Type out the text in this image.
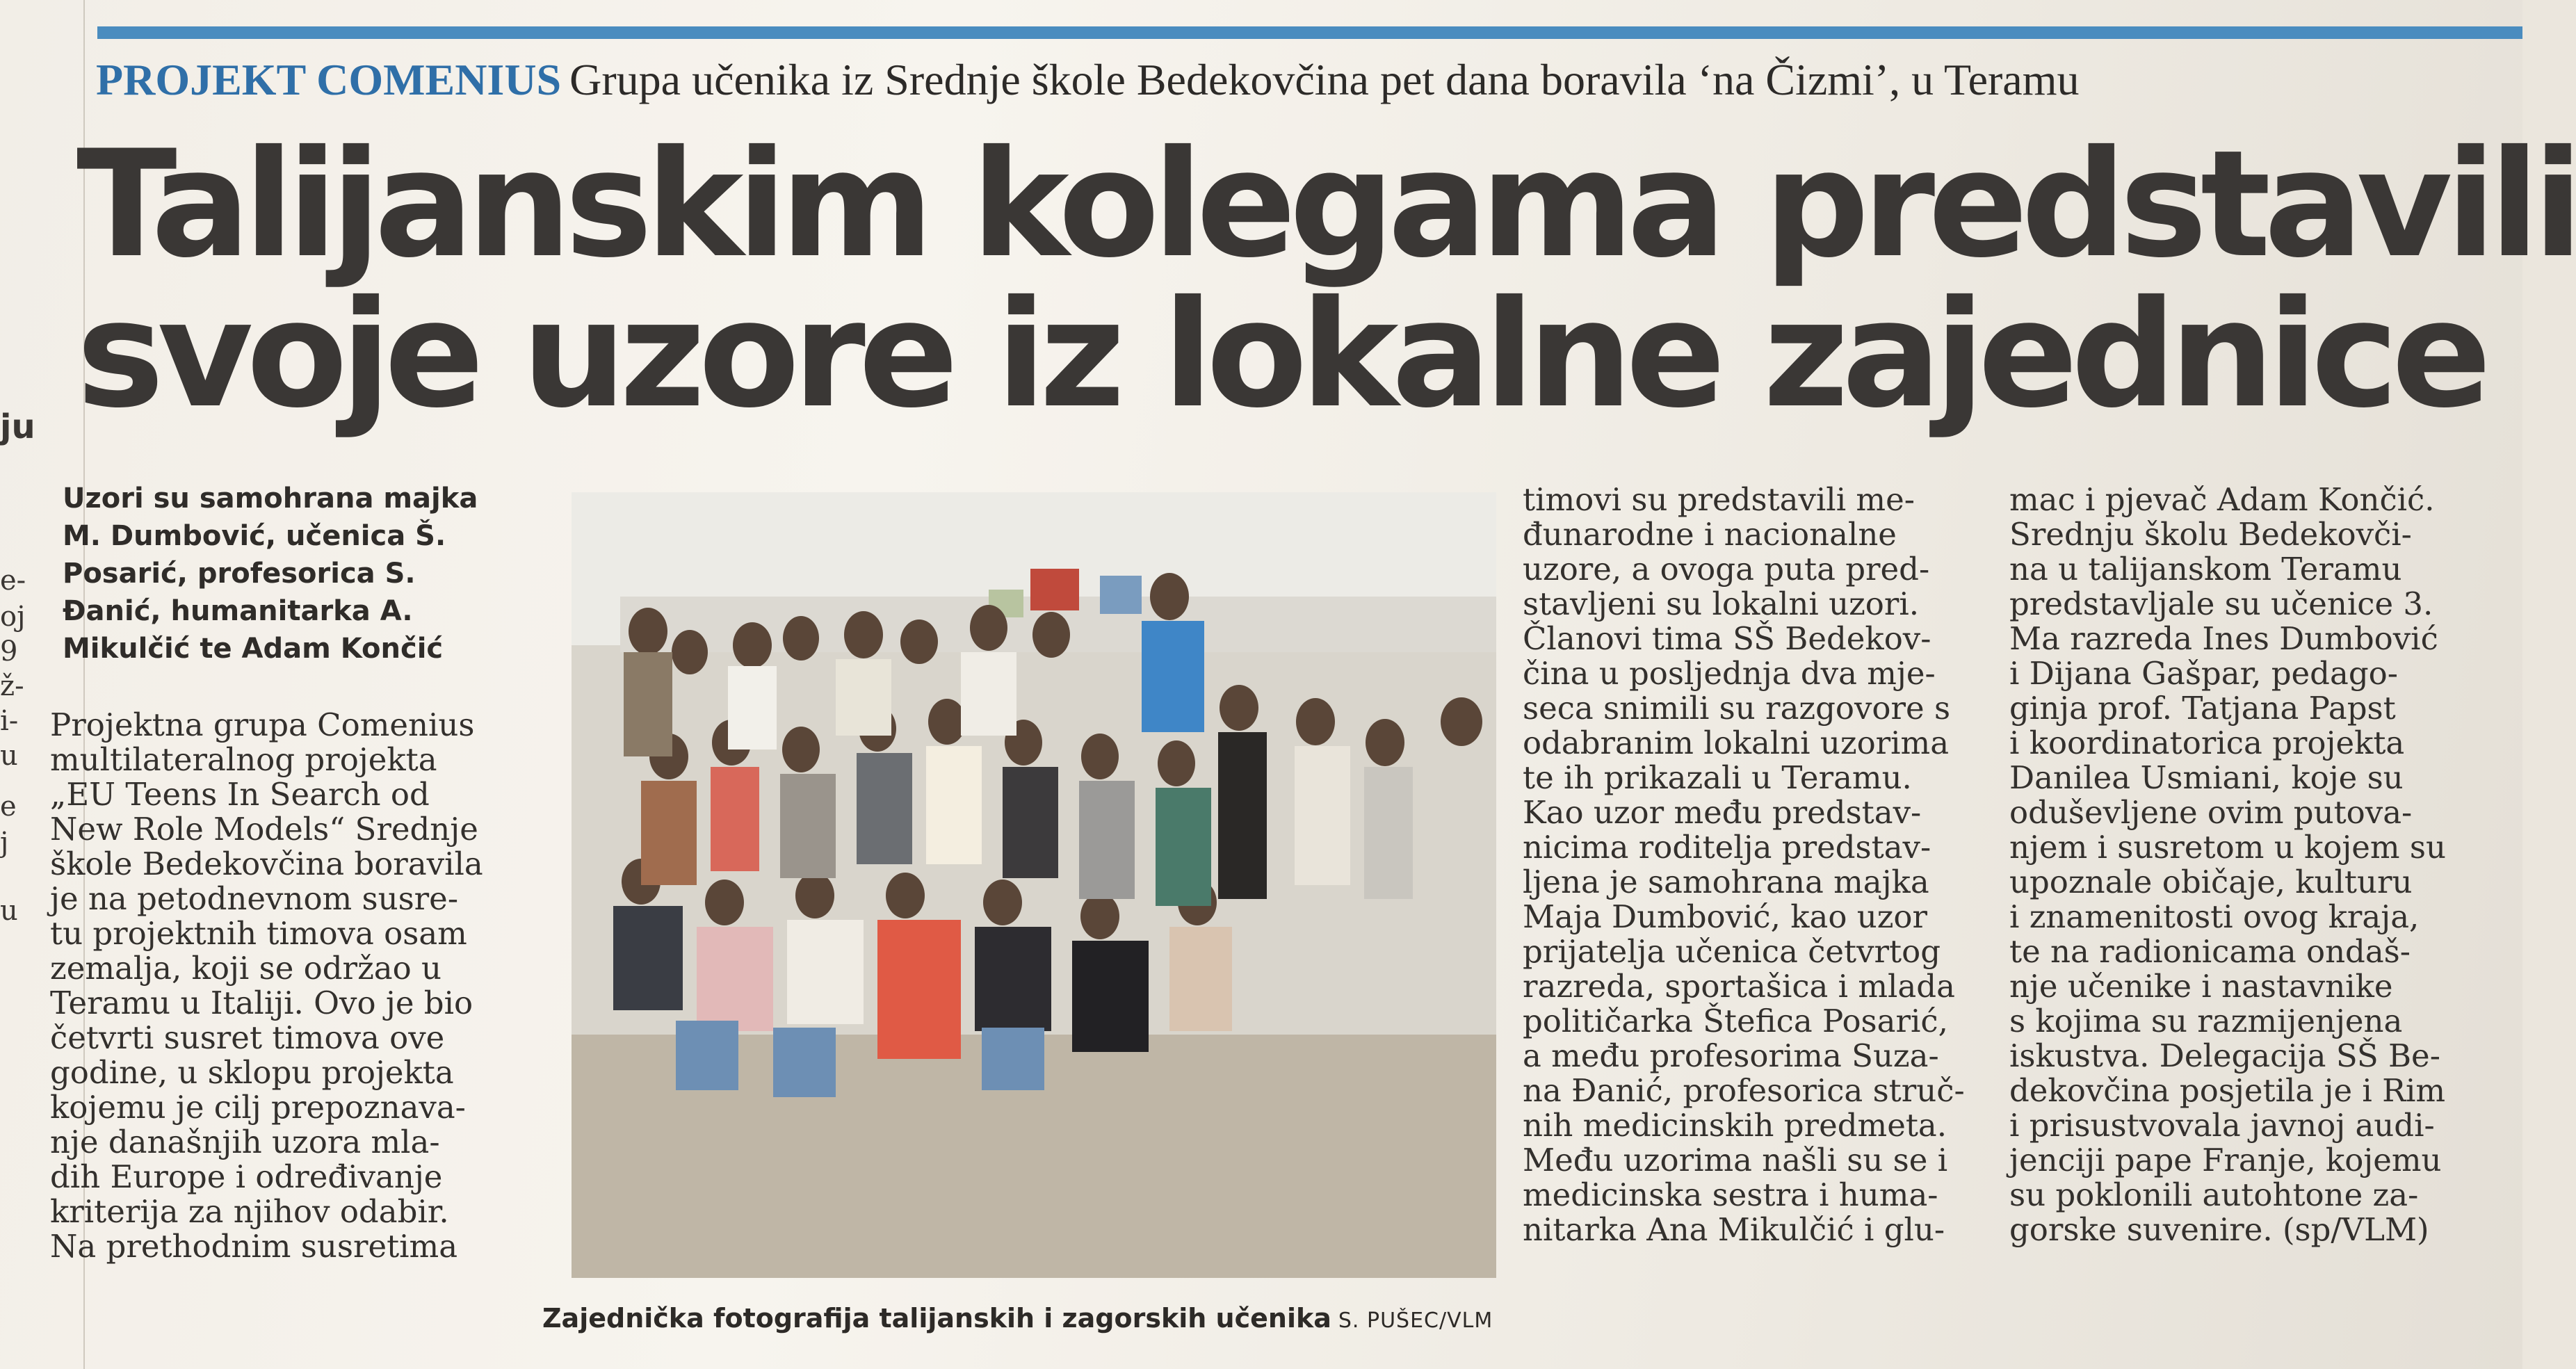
ju
e-
oj
9
ž-
i-
u
e
j
u
PROJEKT COMENIUS Grupa učenika iz Srednje škole Bedekovčina pet dana boravila ‘na Čizmi’, u Teramu
Talijanskim kolegama predstavili
svoje uzore iz lokalne zajednice
Uzori su samohrana majka
M. Dumbović, učenica Š.
Posarić, profesorica S.
Đanić, humanitarka A.
Mikulčić te Adam Končić
Projektna grupa Comenius
multilateralnog projekta
„EU Teens In Search od
New Role Models“ Srednje
škole Bedekovčina boravila
je na petodnevnom susre-
tu projektnih timova osam
zemalja, koji se održao u
Teramu u Italiji. Ovo je bio
četvrti susret timova ove
godine, u sklopu projekta
kojemu je cilj prepoznava-
nje današnjih uzora mla-
dih Europe i određivanje
kriterija za njihov odabir.
Na prethodnim susretima
Zajednička fotografija talijanskih i zagorskih učenika S. PUŠEC/VLM
timovi su predstavili me-
đunarodne i nacionalne
uzore, a ovoga puta pred-
stavljeni su lokalni uzori.
Članovi tima SŠ Bedekov-
čina u posljednja dva mje-
seca snimili su razgovore s
odabranim lokalni uzorima
te ih prikazali u Teramu.
Kao uzor među predstav-
nicima roditelja predstav-
ljena je samohrana majka
Maja Dumbović, kao uzor
prijatelja učenica četvrtog
razreda, sportašica i mlada
političarka Štefica Posarić,
a među profesorima Suza-
na Đanić, profesorica struč-
nih medicinskih predmeta.
Među uzorima našli su se i
medicinska sestra i huma-
nitarka Ana Mikulčić i glu-
mac i pjevač Adam Končić.
Srednju školu Bedekovči-
na u talijanskom Teramu
predstavljale su učenice 3.
Ma razreda Ines Dumbović
i Dijana Gašpar, pedago-
ginja prof. Tatjana Papst
i koordinatorica projekta
Danilea Usmiani, koje su
oduševljene ovim putova-
njem i susretom u kojem su
upoznale običaje, kulturu
i znamenitosti ovog kraja,
te na radionicama ondaš-
nje učenike i nastavnike
s kojima su razmijenjena
iskustva. Delegacija SŠ Be-
dekovčina posjetila je i Rim
i prisustvovala javnoj audi-
jenciji pape Franje, kojemu
su poklonili autohtone za-
gorske suvenire. (sp/VLM)
